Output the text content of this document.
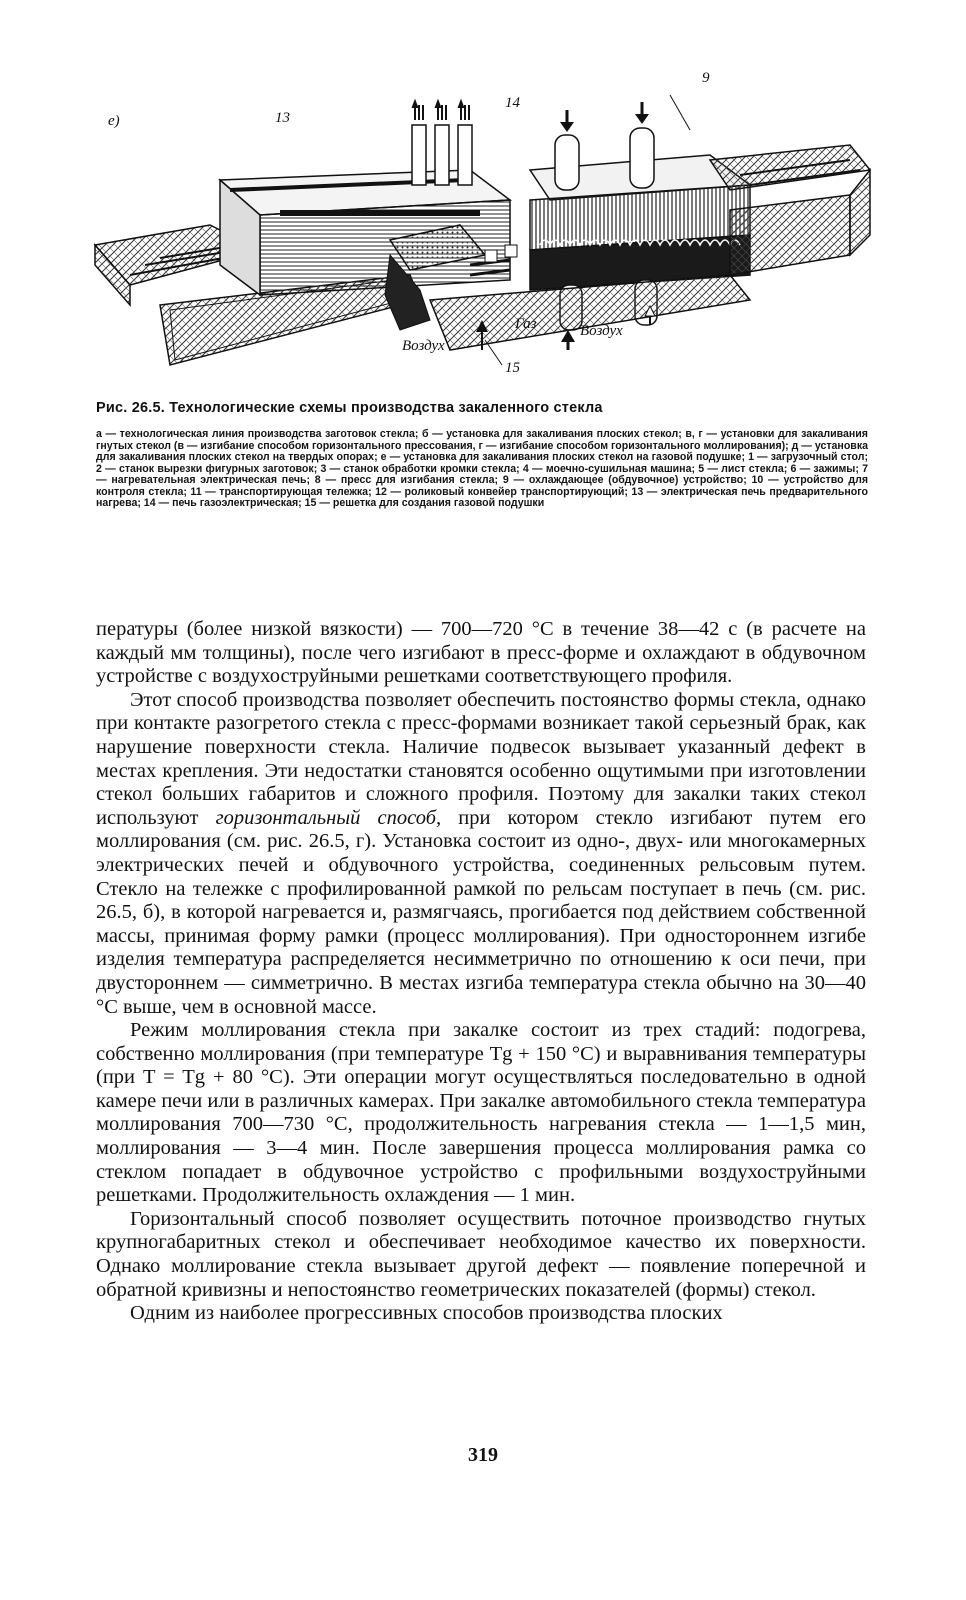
е)	13
14
9
15
Газ
Воздух
Воздух
Рис. 26.5. Технологические схемы производства закаленного стекла
а — технологическая линия производства заготовок стекла; б — установка для закаливания плоских стекол; в, г — установки для закаливания гнутых стекол (в — изгибание способом горизонтального прессования, г — изгибание способом горизонтального моллирования); д — установка для закаливания плоских стекол на твердых опорах; е — установка для закаливания плоских стекол на газовой подушке; 1 — загрузочный стол; 2 — станок вырезки фигурных заготовок; 3 — станок обработки кромки стекла; 4 — моечно-сушильная машина; 5 — лист стекла; 6 — зажимы; 7 — нагревательная электрическая печь; 8 — пресс для изгибания стекла; 9 — охлаждающее (обдувочное) устройство; 10 — устройство для контроля стекла; 11 — транспортирующая тележка; 12 — роликовый конвейер транспортирующий; 13 — электрическая печь предварительного нагрева; 14 — печь газоэлектрическая; 15 — решетка для создания газовой подушки

пературы (более низкой вязкости) — 700—720 °С в течение 38—42 с (в расчете на каждый мм толщины), после чего изгибают в пресс-форме и охлаждают в обдувочном устройстве с воздухоструйными решетками соответствующего профиля.

Этот способ производства позволяет обеспечить постоянство формы стекла, однако при контакте разогретого стекла с пресс-формами возникает такой серьезный брак, как нарушение поверхности стекла. Наличие подвесок вызывает указанный дефект в местах крепления. Эти недостатки становятся особенно ощутимыми при изготовлении стекол больших габаритов и сложного профиля. Поэтому для закалки таких стекол используют горизонтальный способ, при котором стекло изгибают путем его моллирования (см. рис. 26.5, г). Установка состоит из одно-, двух- или многокамерных электрических печей и обдувочного устройства, соединенных рельсовым путем. Стекло на тележке с профилированной рамкой по рельсам поступает в печь (см. рис. 26.5, б), в которой нагревается и, размягчаясь, прогибается под действием собственной массы, принимая форму рамки (процесс моллирования). При одностороннем изгибе изделия температура распределяется несимметрично по отношению к оси печи, при двустороннем — симметрично. В местах изгиба температура стекла обычно на 30—40 °С выше, чем в основной массе.

Режим моллирования стекла при закалке состоит из трех стадий: подогрева, собственно моллирования (при температуре Tg + 150 °С) и выравнивания температуры (при T = Tg + 80 °С). Эти операции могут осуществляться последовательно в одной камере печи или в различных камерах. При закалке автомобильного стекла температура моллирования 700—730 °С, продолжительность нагревания стекла — 1—1,5 мин, моллирования — 3—4 мин. После завершения процесса моллирования рамка со стеклом попадает в обдувочное устройство с профильными воздухоструйными решетками. Продолжительность охлаждения — 1 мин.

Горизонтальный способ позволяет осуществить поточное производство гнутых крупногабаритных стекол и обеспечивает необходимое качество их поверхности. Однако моллирование стекла вызывает другой дефект — появление поперечной и обратной кривизны и непостоянство геометрических показателей (формы) стекол.

Одним из наиболее прогрессивных способов производства плоских

319
